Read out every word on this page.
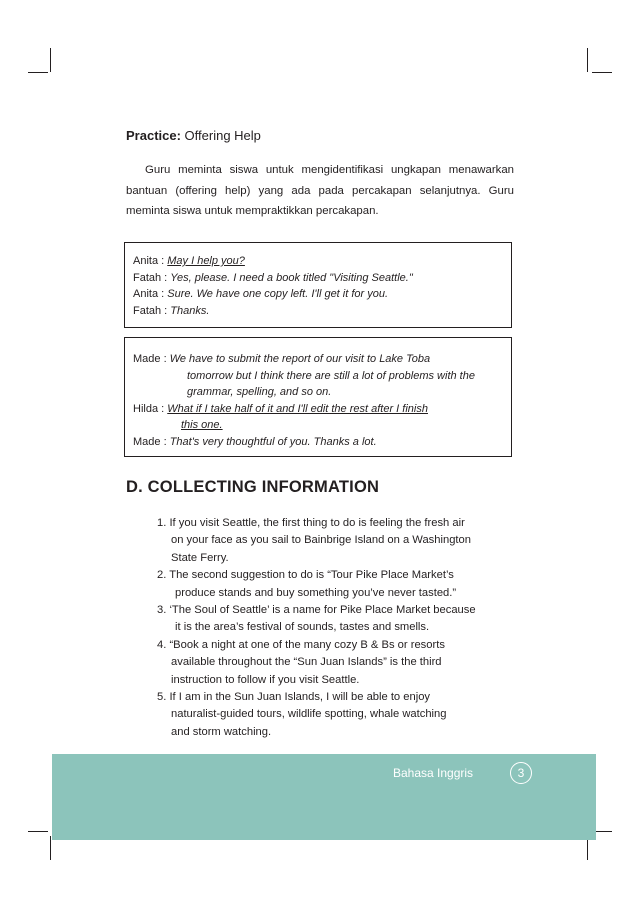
Practice: Offering Help
Guru meminta siswa untuk mengidentifikasi ungkapan menawarkan bantuan (offering help) yang ada pada percakapan selanjutnya. Guru meminta siswa untuk mempraktikkan percakapan.
Anita : May I help you?
Fatah : Yes, please. I need a book titled "Visiting Seattle."
Anita : Sure. We have one copy left. I'll get it for you.
Fatah : Thanks.
Made : We have to submit the report of our visit to Lake Toba
tomorrow but I think there are still a lot of problems with the
grammar, spelling, and so on.
Hilda : What if I take half of it and I'll edit the rest after I finish
this one.
Made : That's very thoughtful of you. Thanks a lot.
D. COLLECTING INFORMATION
1. If you visit Seattle, the first thing to do is feeling the fresh air
on your face as you sail to Bainbrige Island on a Washington
State Ferry.
2. The second suggestion to do is “Tour Pike Place Market’s
produce stands and buy something you’ve never tasted.”
3. ‘The Soul of Seattle’ is a name for Pike Place Market because
it is the area’s festival of sounds, tastes and smells.
4. “Book a night at one of the many cozy B & Bs or resorts
available throughout the “Sun Juan Islands” is the third
instruction to follow if you visit Seattle.
5. If I am in the Sun Juan Islands, I will be able to enjoy
naturalist-guided tours, wildlife spotting, whale watching
and storm watching.
Bahasa Inggris	3
